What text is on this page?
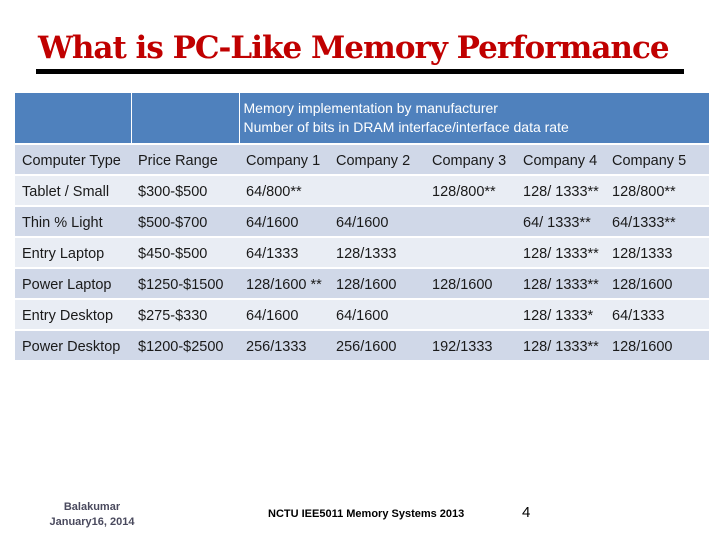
What is PC-Like Memory Performance

		Memory implementation by manufacturer
Number of bits in DRAM interface/interface data rate				

Computer Type	Price Range	Company 1	Company 2	Company 3	Company 4	Company 5
Tablet / Small	$300-$500	64/800**		128/800**	128/ 1333**	128/800**
Thin % Light	$500-$700	64/1600	64/1600		64/ 1333**	64/1333**
Entry Laptop	$450-$500	64/1333	128/1333		128/ 1333**	128/1333
Power Laptop	$1250-$1500	128/1600 **	128/1600	128/1600	128/ 1333**	128/1600
Entry Desktop	$275-$330	64/1600	64/1600		128/ 1333*	64/1333
Power Desktop	$1200-$2500	256/1333	256/1600	192/1333	128/ 1333**	128/1600
Balakumar
January16, 2014
NCTU IEE5011 Memory Systems 2013	4
